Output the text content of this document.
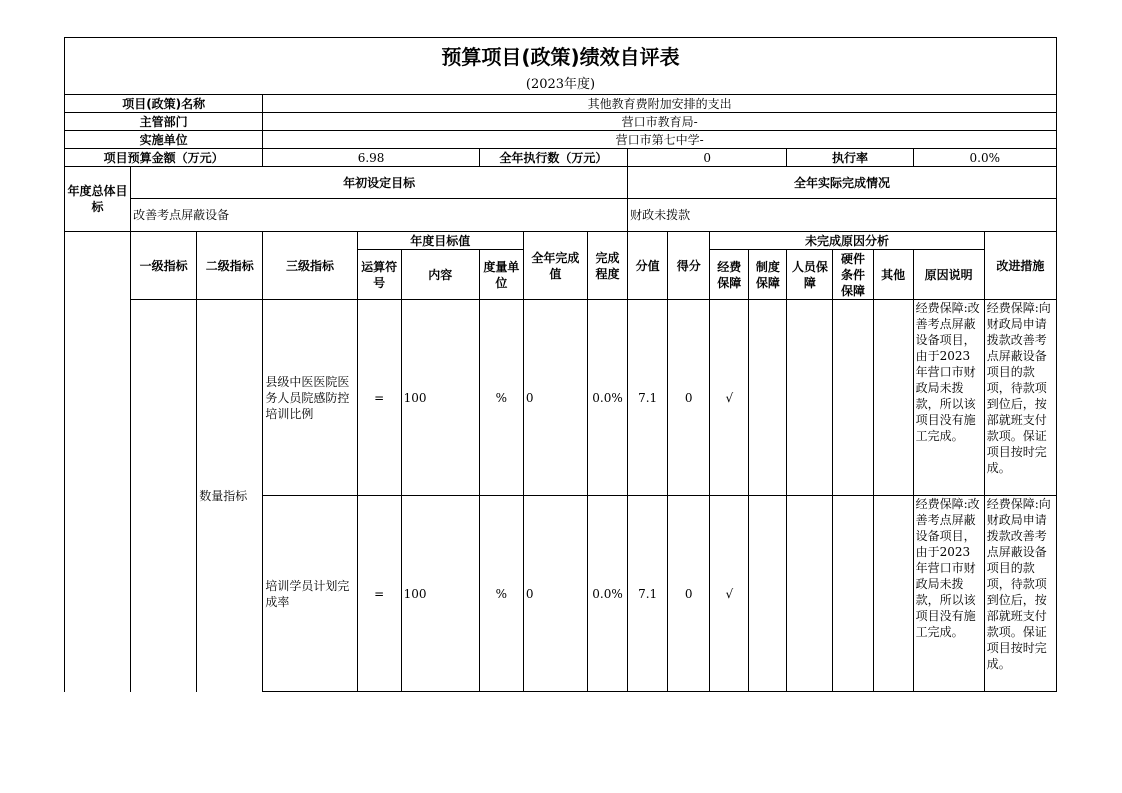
预算项目(政策)绩效自评表																	
(2023年度)																	
项目(政策)名称			其他教育费附加安排的支出														
主管部门			营口市教育局-														
实施单位			营口市第七中学-														
项目预算金额（万元）			6.98			全年执行数（万元）			0				执行率			0.0%	
年度总体目标	年初设定目标								全年实际完成情况								
	改善考点屏蔽设备								财政未拨款								
	一级指标	二级指标	三级指标	年度目标值			全年完成值	完成程度	分值	得分	未完成原因分析						改进措施
				运算符号	内容	度量单位					经费保障	制度保障	人员保障	硬件条件保障	其他	原因说明	
		数量指标	县级中医医院医务人员院感防控培训比例	=	100	%	0	0.0%	7.1	0	√					经费保障:改善考点屏蔽设备项目，由于2023年营口市财政局未拨款，所以该项目没有施工完成。	经费保障:向财政局申请拨款改善考点屏蔽设备项目的款项，待款项到位后，按部就班支付款项。保证项目按时完成。
			培训学员计划完成率	=	100	%	0	0.0%	7.1	0	√					经费保障:改善考点屏蔽设备项目，由于2023年营口市财政局未拨款，所以该项目没有施工完成。	经费保障:向财政局申请拨款改善考点屏蔽设备项目的款项，待款项到位后，按部就班支付款项。保证项目按时完成。
